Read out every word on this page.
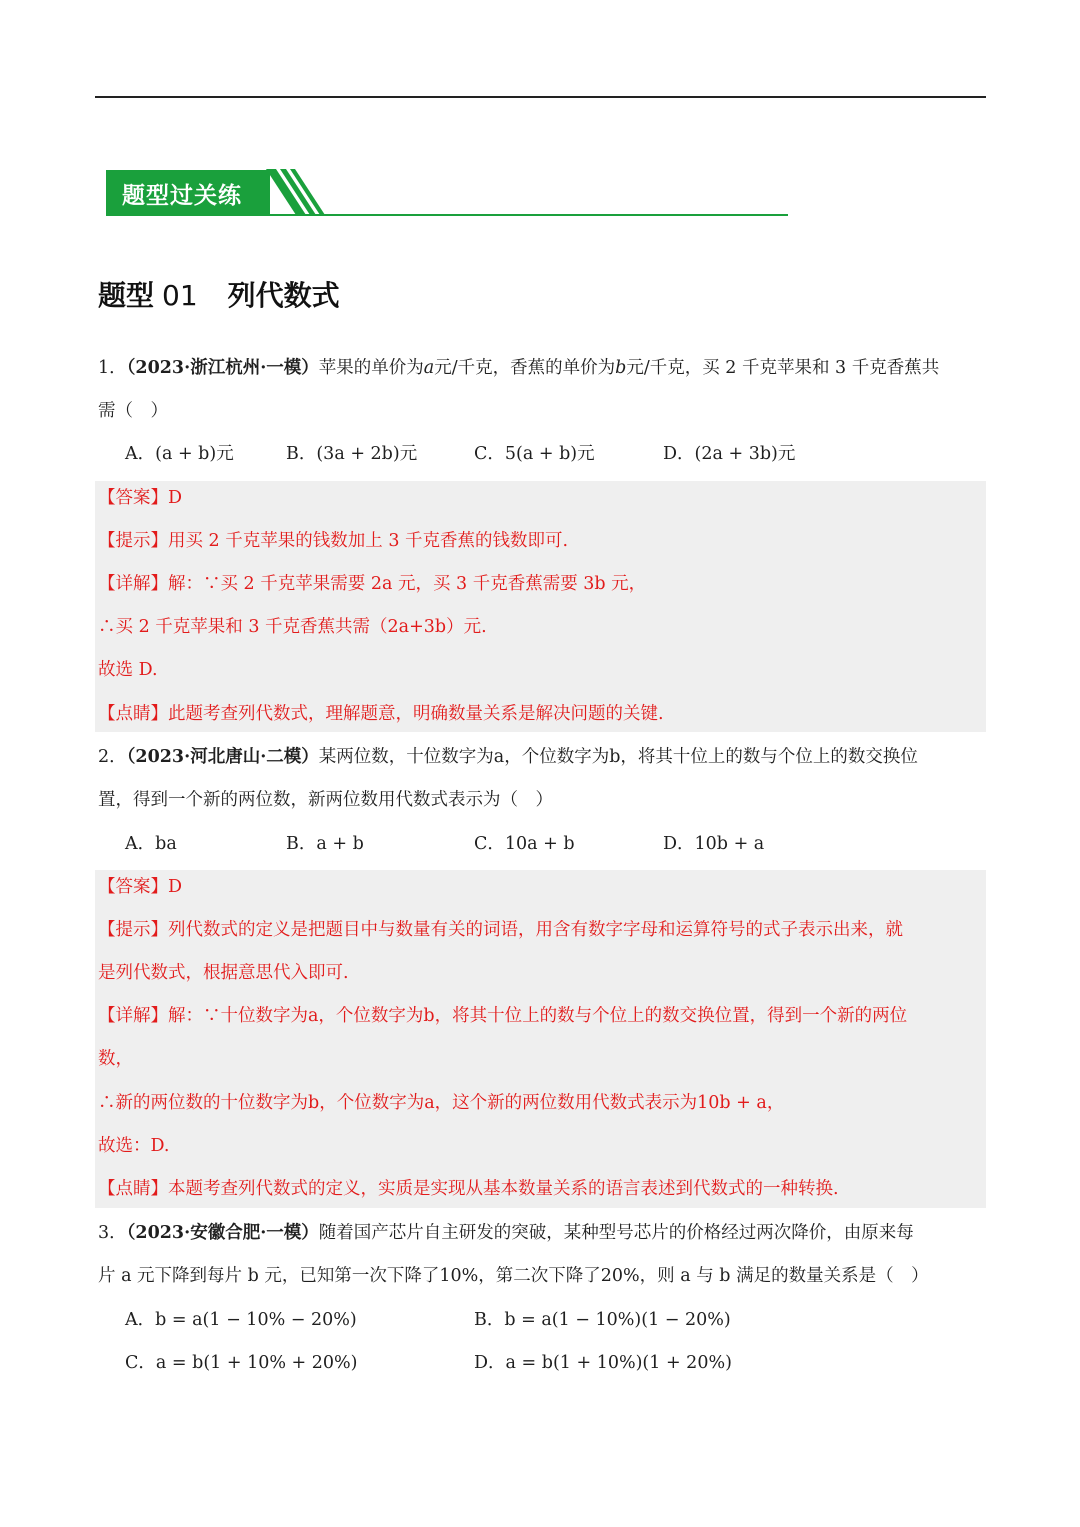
题型过关练
题型 01 列代数式
1．（2023·浙江杭州·一模）苹果的单价为a元/千克，香蕉的单价为b元/千克，买 2 千克苹果和 3 千克香蕉共
需（　）
A．(a + b)元	B．(3a + 2b)元	C．5(a + b)元	D．(2a + 3b)元
【答案】D
【提示】用买 2 千克苹果的钱数加上 3 千克香蕉的钱数即可.
【详解】解：∵买 2 千克苹果需要 2a 元，买 3 千克香蕉需要 3b 元，
∴买 2 千克苹果和 3 千克香蕉共需（2a+3b）元.
故选 D.
【点睛】此题考查列代数式，理解题意，明确数量关系是解决问题的关键.
2．（2023·河北唐山·二模）某两位数，十位数字为a，个位数字为b，将其十位上的数与个位上的数交换位
置，得到一个新的两位数，新两位数用代数式表示为（　）
A．ba	B．a + b	C．10a + b	D．10b + a
【答案】D
【提示】列代数式的定义是把题目中与数量有关的词语，用含有数字字母和运算符号的式子表示出来，就
是列代数式，根据意思代入即可.
【详解】解：∵十位数字为a，个位数字为b，将其十位上的数与个位上的数交换位置，得到一个新的两位
数，
∴新的两位数的十位数字为b，个位数字为a，这个新的两位数用代数式表示为10b + a，
故选：D.
【点睛】本题考查列代数式的定义，实质是实现从基本数量关系的语言表述到代数式的一种转换.
3．（2023·安徽合肥·一模）随着国产芯片自主研发的突破，某种型号芯片的价格经过两次降价，由原来每
片 a 元下降到每片 b 元，已知第一次下降了10%，第二次下降了20%，则 a 与 b 满足的数量关系是（　）
A．b = a(1 − 10% − 20%)	B．b = a(1 − 10%)(1 − 20%)
C．a = b(1 + 10% + 20%)	D．a = b(1 + 10%)(1 + 20%)
